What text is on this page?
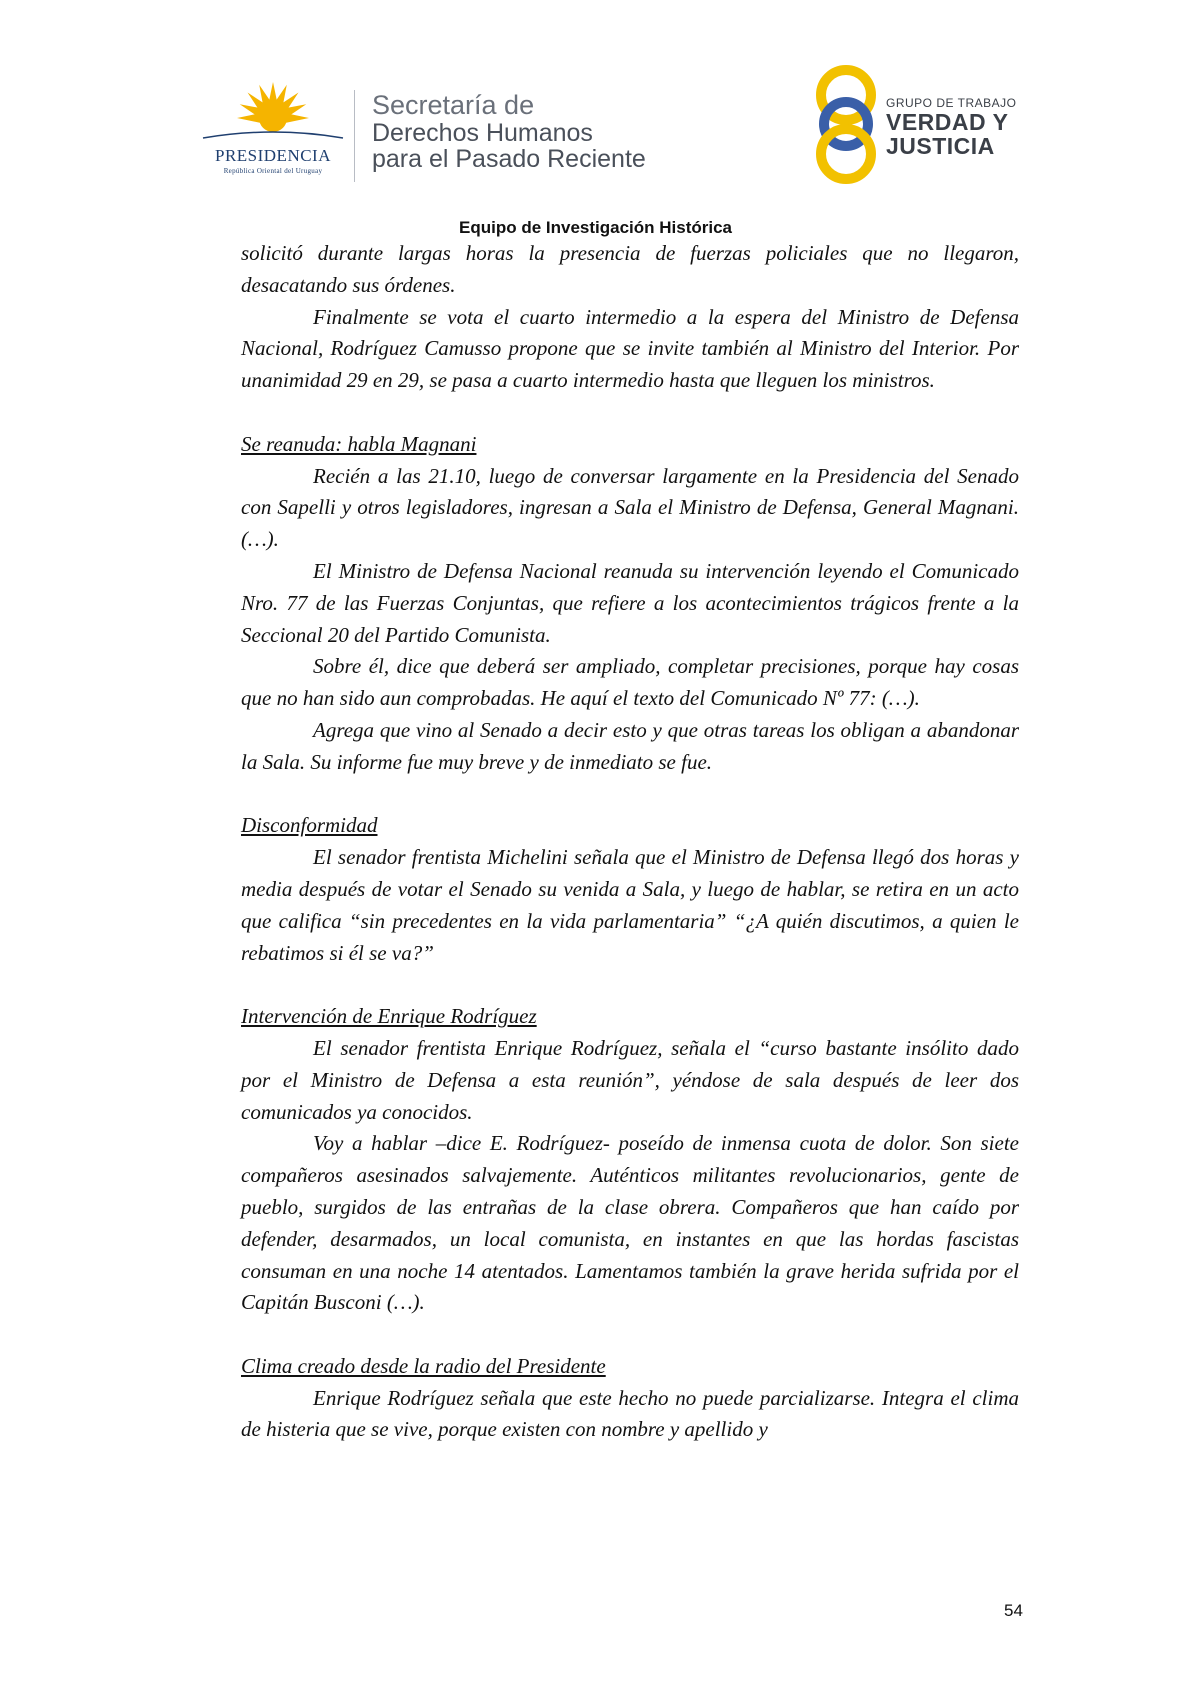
PRESIDENCIA
República Oriental del Uruguay
Secretaría de
Derechos Humanos
para el Pasado Reciente
GRUPO DE TRABAJO
VERDAD Y
JUSTICIA
Equipo de Investigación Histórica

solicitó durante largas horas la presencia de fuerzas policiales que no llegaron, desacatando sus órdenes.

Finalmente se vota el cuarto intermedio a la espera del Ministro de Defensa Nacional, Rodríguez Camusso propone que se invite también al Ministro del Interior. Por unanimidad 29 en 29, se pasa a cuarto intermedio hasta que lleguen los ministros.

Se reanuda: habla Magnani

Recién a las 21.10, luego de conversar largamente en la Presidencia del Senado con Sapelli y otros legisladores, ingresan a Sala el Ministro de Defensa, General Magnani. (…).

El Ministro de Defensa Nacional reanuda su intervención leyendo el Comunicado Nro. 77 de las Fuerzas Conjuntas, que refiere a los acontecimientos trágicos frente a la Seccional 20 del Partido Comunista.

Sobre él, dice que deberá ser ampliado, completar precisiones, porque hay cosas que no han sido aun comprobadas. He aquí el texto del Comunicado Nº 77: (…).

Agrega que vino al Senado a decir esto y que otras tareas los obligan a abandonar la Sala. Su informe fue muy breve y de inmediato se fue.

Disconformidad

El senador frentista Michelini señala que el Ministro de Defensa llegó dos horas y media después de votar el Senado su venida a Sala, y luego de hablar, se retira en un acto que califica “sin precedentes en la vida parlamentaria” “¿A quién discutimos, a quien le rebatimos si él se va?”

Intervención de Enrique Rodríguez

El senador frentista Enrique Rodríguez, señala el “curso bastante insólito dado por el Ministro de Defensa a esta reunión”, yéndose de sala después de leer dos comunicados ya conocidos.

Voy a hablar –dice E. Rodríguez- poseído de inmensa cuota de dolor. Son siete compañeros asesinados salvajemente. Auténticos militantes revolucionarios, gente de pueblo, surgidos de las entrañas de la clase obrera. Compañeros que han caído por defender, desarmados, un local comunista, en instantes en que las hordas fascistas consuman en una noche 14 atentados. Lamentamos también la grave herida sufrida por el Capitán Busconi (…).

Clima creado desde la radio del Presidente

Enrique Rodríguez señala que este hecho no puede parcializarse. Integra el clima de histeria que se vive, porque existen con nombre y apellido y

54
